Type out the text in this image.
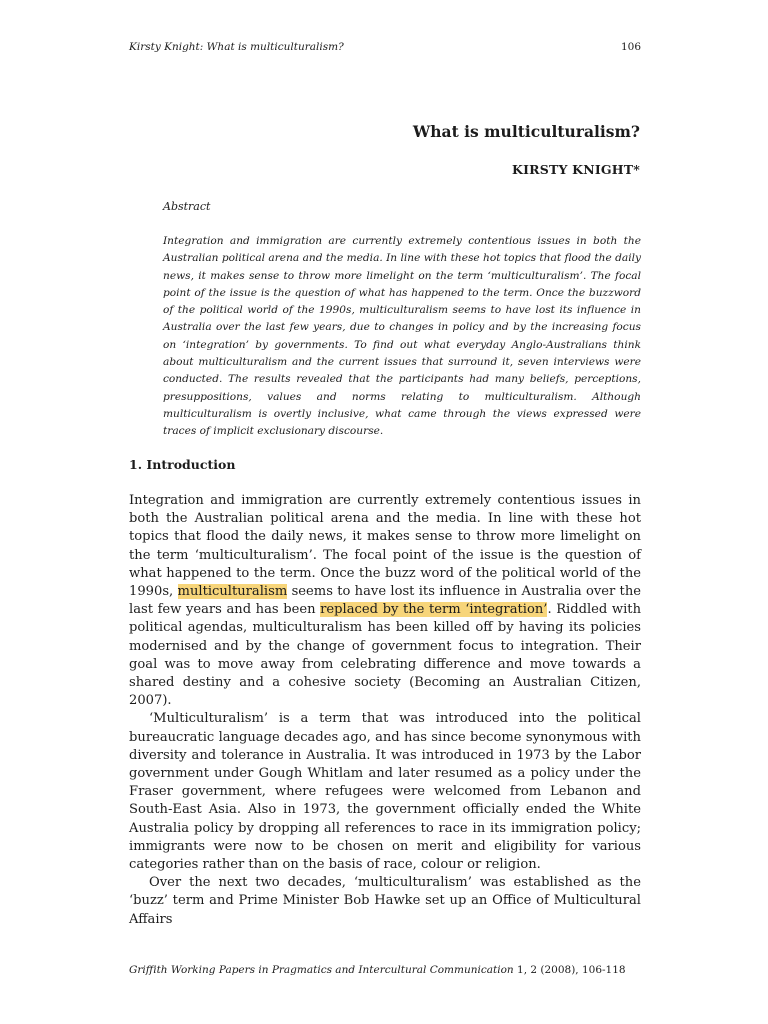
Kirsty Knight: What is multiculturalism?	106
What is multiculturalism?
KIRSTY KNIGHT*
Abstract

Integration and immigration are currently extremely contentious issues in both the Australian political arena and the media. In line with these hot topics that flood the daily news, it makes sense to throw more limelight on the term ‘multiculturalism’. The focal point of the issue is the question of what has happened to the term. Once the buzzword of the political world of the 1990s, multiculturalism seems to have lost its influence in Australia over the last few years, due to changes in policy and by the increasing focus on ‘integration’ by governments. To find out what everyday Anglo-Australians think about multiculturalism and the current issues that surround it, seven interviews were conducted. The results revealed that the participants had many beliefs, perceptions, presuppositions, values and norms relating to multiculturalism. Although multiculturalism is overtly inclusive, what came through the views expressed were traces of implicit exclusionary discourse.

1. Introduction

Integration and immigration are currently extremely contentious issues in both the Australian political arena and the media. In line with these hot topics that flood the daily news, it makes sense to throw more limelight on the term ‘multiculturalism’. The focal point of the issue is the question of what happened to the term. Once the buzz word of the political world of the 1990s, multiculturalism seems to have lost its influence in Australia over the last few years and has been replaced by the term ‘integration’. Riddled with political agendas, multiculturalism has been killed off by having its policies modernised and by the change of government focus to integration. Their goal was to move away from celebrating difference and move towards a shared destiny and a cohesive society (Becoming an Australian Citizen, 2007).

‘Multiculturalism’ is a term that was introduced into the political bureaucratic language decades ago, and has since become synonymous with diversity and tolerance in Australia. It was introduced in 1973 by the Labor government under Gough Whitlam and later resumed as a policy under the Fraser government, where refugees were welcomed from Lebanon and South-East Asia. Also in 1973, the government officially ended the White Australia policy by dropping all references to race in its immigration policy; immigrants were now to be chosen on merit and eligibility for various categories rather than on the basis of race, colour or religion.

Over the next two decades, ‘multiculturalism’ was established as the ‘buzz’ term and Prime Minister Bob Hawke set up an Office of Multicultural Affairs

Griffith Working Papers in Pragmatics and Intercultural Communication 1, 2 (2008), 106-118
